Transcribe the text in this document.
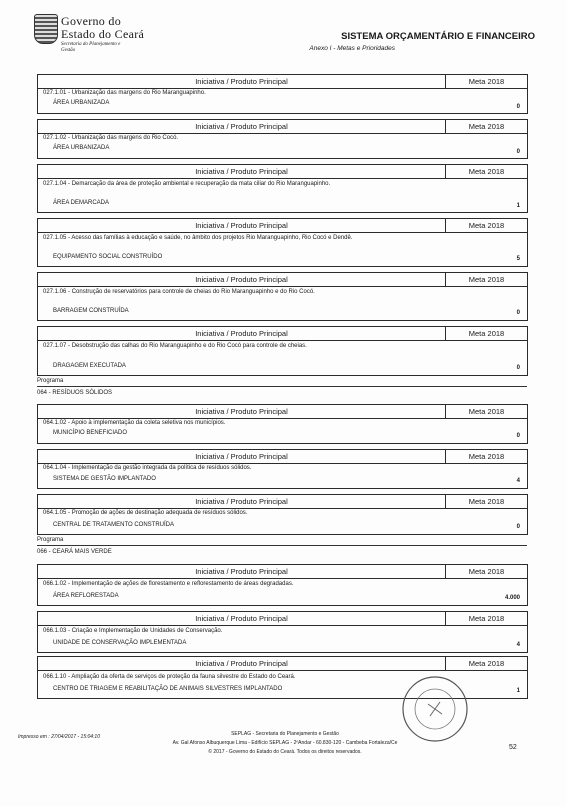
Governo do
Estado do Ceará
Secretaria do Planejamento e Gestão
SISTEMA ORÇAMENTÁRIO E FINANCEIRO
Anexo I - Metas e Prioridades
Iniciativa / Produto Principal	Meta 2018
027.1.01 - Urbanização das margens do Rio Maranguapinho.
ÁREA URBANIZADA
0
Iniciativa / Produto Principal	Meta 2018
027.1.02 - Urbanização das margens do Rio Cocó.
ÁREA URBANIZADA
0
Iniciativa / Produto Principal	Meta 2018
027.1.04 - Demarcação da área de proteção ambiental e recuperação da mata ciliar do Rio Maranguapinho.
ÁREA DEMARCADA	1
Iniciativa / Produto Principal	Meta 2018
027.1.05 - Acesso das famílias à educação e saúde, no âmbito dos projetos Rio Maranguapinho, Rio Cocó e Dendê.
EQUIPAMENTO SOCIAL CONSTRUÍDO	5
Iniciativa / Produto Principal	Meta 2018
027.1.06 - Construção de reservatórios para controle de cheias do Rio Maranguapinho e do Rio Cocó.
BARRAGEM CONSTRUÍDA	0
Iniciativa / Produto Principal	Meta 2018
027.1.07 - Desobstrução das calhas do Rio Maranguapinho e do Rio Cocó para controle de cheias.
DRAGAGEM EXECUTADA	0
Programa
064 - RESÍDUOS SÓLIDOS
Iniciativa / Produto Principal	Meta 2018
064.1.02 - Apoio à implementação da coleta seletiva nos municípios.
MUNICÍPIO BENEFICIADO	0
Iniciativa / Produto Principal	Meta 2018
064.1.04 - Implementação da gestão integrada da política de resíduos sólidos.
SISTEMA DE GESTÃO IMPLANTADO	4
Iniciativa / Produto Principal	Meta 2018
064.1.05 - Promoção de ações de destinação adequada de resíduos sólidos.
CENTRAL DE TRATAMENTO CONSTRUÍDA	0
Programa
066 - CEARÁ MAIS VERDE
Iniciativa / Produto Principal	Meta 2018
066.1.02 - Implementação de ações de florestamento e reflorestamento de áreas degradadas.
ÁREA REFLORESTADA	4.000
Iniciativa / Produto Principal	Meta 2018
066.1.03 - Criação e Implementação de Unidades de Conservação.
UNIDADE DE CONSERVAÇÃO IMPLEMENTADA	4
Iniciativa / Produto Principal	Meta 2018
066.1.10 - Ampliação da oferta de serviços de proteção da fauna silvestre do Estado do Ceará.
CENTRO DE TRIAGEM E REABILITAÇÃO DE ANIMAIS SILVESTRES IMPLANTADO	1
Impresso em : 27/04/2017 - 15:04:10	SEPLAG - Secretaria do Planejamento e Gestão
Av. Gal Afonso Albuquerque Lima - Edifício SEPLAG - 2ºAndar - 60.830-120 - Cambeba Fortaleza/Ce
© 2017 - Governo do Estado do Ceará. Todos os direitos reservados.
52
